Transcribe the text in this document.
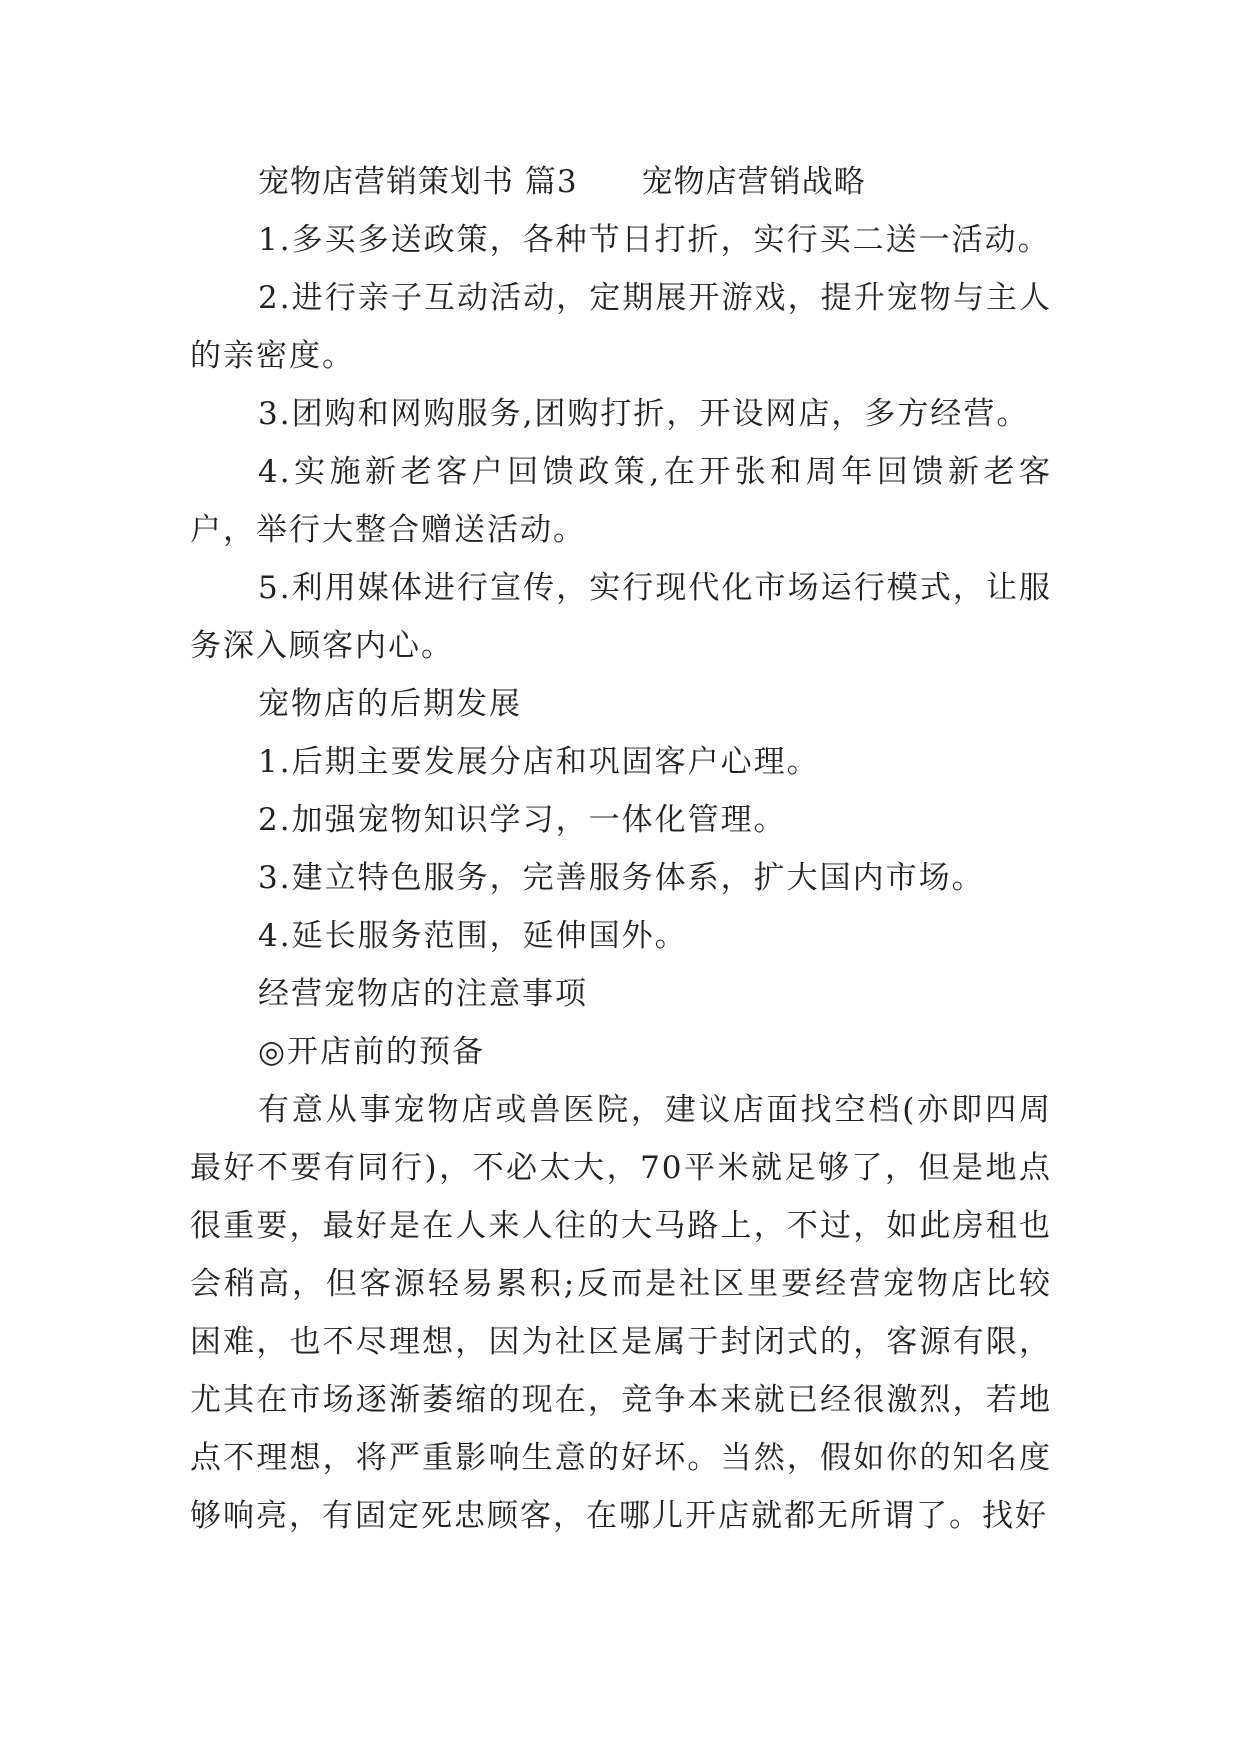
宠物店营销策划书 篇3　　宠物店营销战略

1.多买多送政策，各种节日打折，实行买二送一活动。

2.进行亲子互动活动，定期展开游戏，提升宠物与主人的亲密度。

3.团购和网购服务,团购打折，开设网店，多方经营。

4.实施新老客户回馈政策,在开张和周年回馈新老客户，举行大整合赠送活动。

5.利用媒体进行宣传，实行现代化市场运行模式，让服务深入顾客内心。

宠物店的后期发展

1.后期主要发展分店和巩固客户心理。

2.加强宠物知识学习，一体化管理。

3.建立特色服务，完善服务体系，扩大国内市场。

4.延长服务范围，延伸国外。

经营宠物店的注意事项

◎开店前的预备

有意从事宠物店或兽医院，建议店面找空档(亦即四周最好不要有同行)，不必太大，70平米就足够了，但是地点很重要，最好是在人来人往的大马路上，不过，如此房租也会稍高，但客源轻易累积;反而是社区里要经营宠物店比较困难，也不尽理想，因为社区是属于封闭式的，客源有限，尤其在市场逐渐萎缩的现在，竞争本来就已经很激烈，若地点不理想，将严重影响生意的好坏。当然，假如你的知名度够响亮，有固定死忠顾客，在哪儿开店就都无所谓了。找好
